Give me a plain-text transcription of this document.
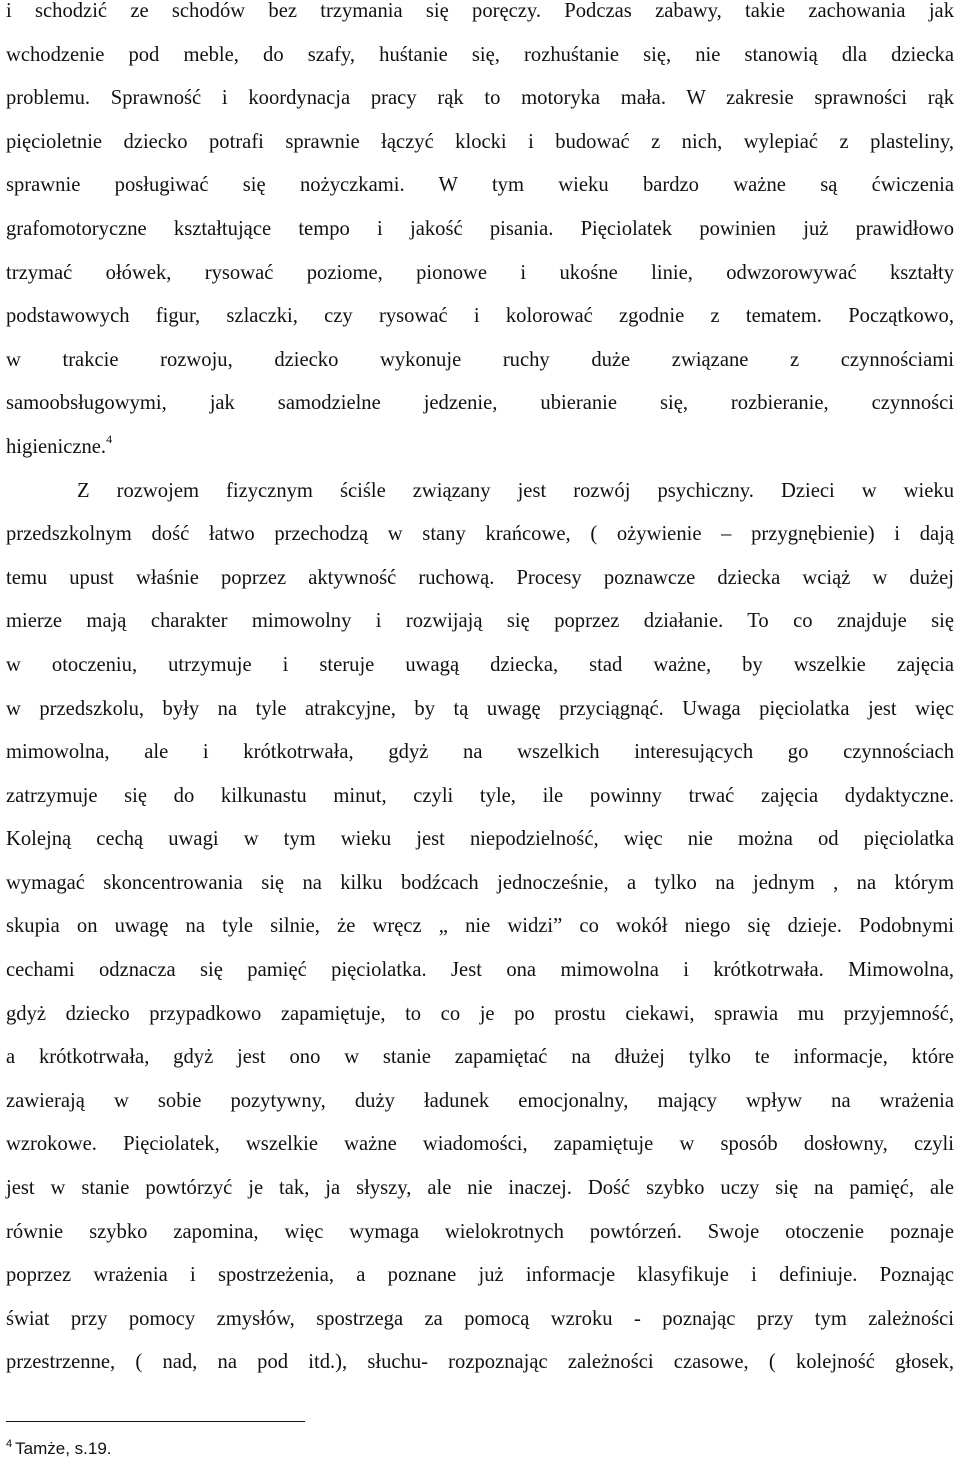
i schodzić ze schodów bez trzymania się poręczy. Podczas zabawy, takie zachowania jak
wchodzenie pod meble, do szafy, huśtanie się, rozhuśtanie się, nie stanowią dla dziecka
problemu. Sprawność i koordynacja pracy rąk to motoryka mała. W zakresie sprawności rąk
pięcioletnie dziecko potrafi sprawnie łączyć klocki i budować z nich, wylepiać z plasteliny,
sprawnie posługiwać się nożyczkami. W tym wieku bardzo ważne są ćwiczenia
grafomotoryczne kształtujące tempo i jakość pisania. Pięciolatek powinien już prawidłowo
trzymać ołówek, rysować poziome, pionowe i ukośne linie, odwzorowywać kształty
podstawowych figur, szlaczki, czy rysować i kolorować zgodnie z tematem. Początkowo,
w trakcie rozwoju, dziecko wykonuje ruchy duże związane z czynnościami
samoobsługowymi, jak samodzielne jedzenie, ubieranie się, rozbieranie, czynności
higieniczne.$^4$
Z rozwojem fizycznym ściśle związany jest rozwój psychiczny. Dzieci w wieku
przedszkolnym dość łatwo przechodzą w stany krańcowe, ( ożywienie – przygnębienie) i dają
temu upust właśnie poprzez aktywność ruchową. Procesy poznawcze dziecka wciąż w dużej
mierze mają charakter mimowolny i rozwijają się poprzez działanie. To co znajduje się
w otoczeniu, utrzymuje i steruje uwagą dziecka, stad ważne, by wszelkie zajęcia
w przedszkolu, były na tyle atrakcyjne, by tą uwagę przyciągnąć. Uwaga pięciolatka jest więc
mimowolna, ale i krótkotrwała, gdyż na wszelkich interesujących go czynnościach
zatrzymuje się do kilkunastu minut, czyli tyle, ile powinny trwać zajęcia dydaktyczne.
Kolejną cechą uwagi w tym wieku jest niepodzielność, więc nie można od pięciolatka
wymagać skoncentrowania się na kilku bodźcach jednocześnie, a tylko na jednym , na którym
skupia on uwagę na tyle silnie, że wręcz „ nie widzi” co wokół niego się dzieje. Podobnymi
cechami odznacza się pamięć pięciolatka. Jest ona mimowolna i krótkotrwała. Mimowolna,
gdyż dziecko przypadkowo zapamiętuje, to co je po prostu ciekawi, sprawia mu przyjemność,
a krótkotrwała, gdyż jest ono w stanie zapamiętać na dłużej tylko te informacje, które
zawierają w sobie pozytywny, duży ładunek emocjonalny, mający wpływ na wrażenia
wzrokowe. Pięciolatek, wszelkie ważne wiadomości, zapamiętuje w sposób dosłowny, czyli
jest w stanie powtórzyć je tak, ja słyszy, ale nie inaczej. Dość szybko uczy się na pamięć, ale
równie szybko zapomina, więc wymaga wielokrotnych powtórzeń. Swoje otoczenie poznaje
poprzez wrażenia i spostrzeżenia, a poznane już informacje klasyfikuje i definiuje. Poznając
świat przy pomocy zmysłów, spostrzega za pomocą wzroku - poznając przy tym zależności
przestrzenne, ( nad, na pod itd.), słuchu- rozpoznając zależności czasowe, ( kolejność głosek,
$^4$ Tamże, s.19.
